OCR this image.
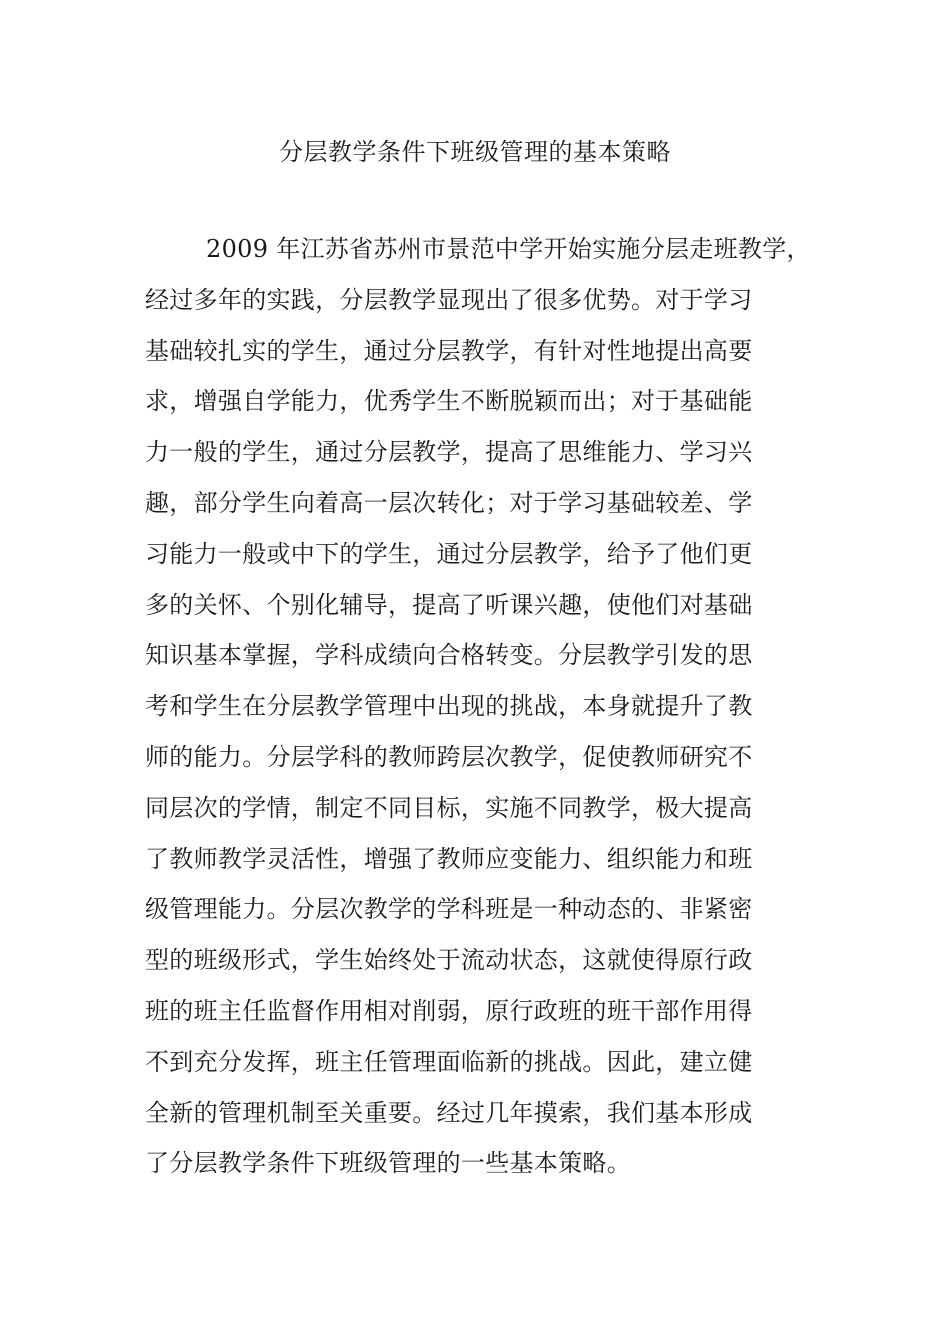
分层教学条件下班级管理的基本策略
2009 年江苏省苏州市景范中学开始实施分层走班教学，
经过多年的实践，分层教学显现出了很多优势。对于学习
基础较扎实的学生，通过分层教学，有针对性地提出高要
求，增强自学能力，优秀学生不断脱颖而出；对于基础能
力一般的学生，通过分层教学，提高了思维能力、学习兴
趣，部分学生向着高一层次转化；对于学习基础较差、学
习能力一般或中下的学生，通过分层教学，给予了他们更
多的关怀、个别化辅导，提高了听课兴趣，使他们对基础
知识基本掌握，学科成绩向合格转变。分层教学引发的思
考和学生在分层教学管理中出现的挑战，本身就提升了教
师的能力。分层学科的教师跨层次教学，促使教师研究不
同层次的学情，制定不同目标，实施不同教学，极大提高
了教师教学灵活性，增强了教师应变能力、组织能力和班
级管理能力。分层次教学的学科班是一种动态的、非紧密
型的班级形式，学生始终处于流动状态，这就使得原行政
班的班主任监督作用相对削弱，原行政班的班干部作用得
不到充分发挥，班主任管理面临新的挑战。因此，建立健
全新的管理机制至关重要。经过几年摸索，我们基本形成
了分层教学条件下班级管理的一些基本策略。
